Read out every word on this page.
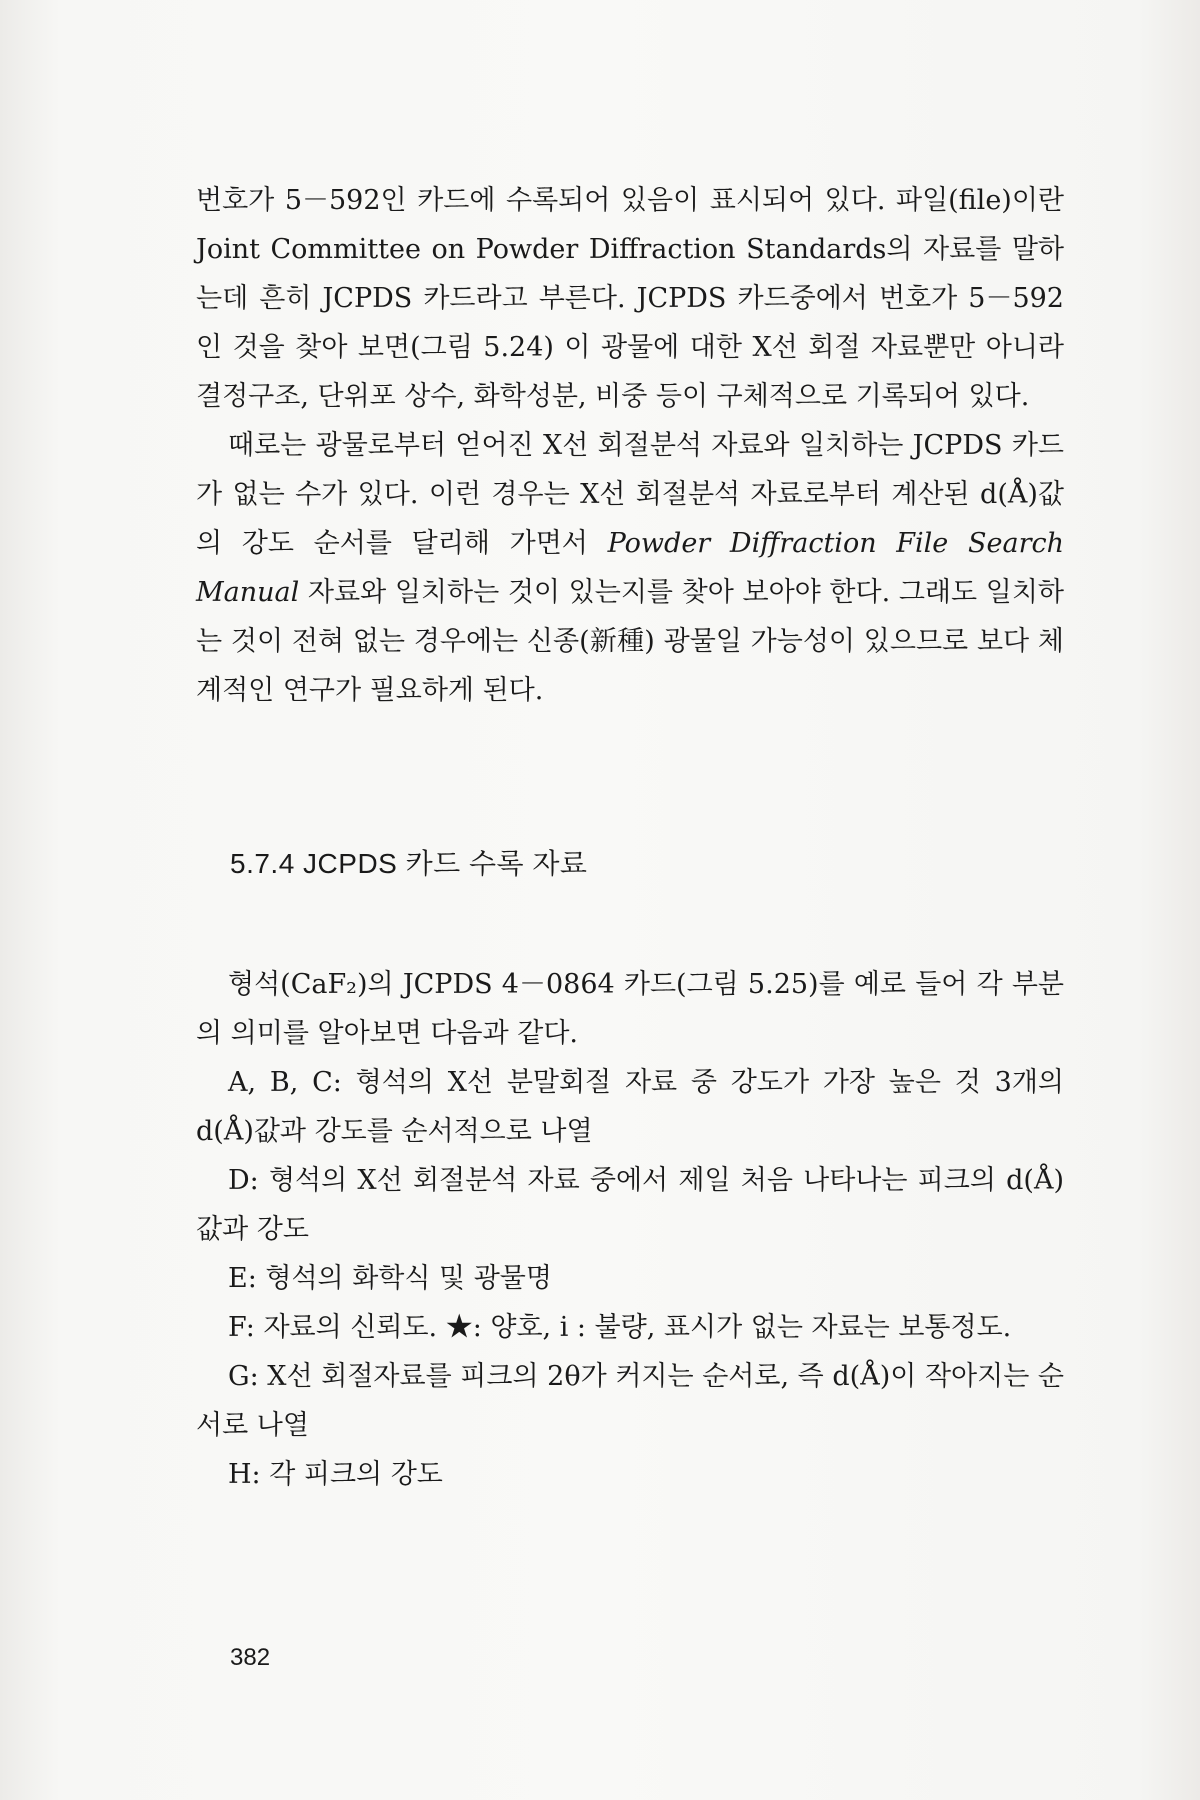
번호가 5－592인 카드에 수록되어 있음이 표시되어 있다. 파일(file)이란 Joint Committee on Powder Diffraction Standards의 자료를 말하는데 흔히 JCPDS 카드라고 부른다. JCPDS 카드중에서 번호가 5－592인 것을 찾아 보면(그림 5.24) 이 광물에 대한 X선 회절 자료뿐만 아니라 결정구조, 단위포 상수, 화학성분, 비중 등이 구체적으로 기록되어 있다.

때로는 광물로부터 얻어진 X선 회절분석 자료와 일치하는 JCPDS 카드가 없는 수가 있다. 이런 경우는 X선 회절분석 자료로부터 계산된 d(Å)값의 강도 순서를 달리해 가면서 Powder Diffraction File Search Manual 자료와 일치하는 것이 있는지를 찾아 보아야 한다. 그래도 일치하는 것이 전혀 없는 경우에는 신종(新種) 광물일 가능성이 있으므로 보다 체계적인 연구가 필요하게 된다.

5.7.4 JCPDS 카드 수록 자료

형석(CaF₂)의 JCPDS 4－0864 카드(그림 5.25)를 예로 들어 각 부분의 의미를 알아보면 다음과 같다.

A, B, C: 형석의 X선 분말회절 자료 중 강도가 가장 높은 것 3개의 d(Å)값과 강도를 순서적으로 나열

D: 형석의 X선 회절분석 자료 중에서 제일 처음 나타나는 피크의 d(Å)값과 강도

E: 형석의 화학식 및 광물명

F: 자료의 신뢰도. ★: 양호, i : 불량, 표시가 없는 자료는 보통정도.

G: X선 회절자료를 피크의 2θ가 커지는 순서로, 즉 d(Å)이 작아지는 순서로 나열

H: 각 피크의 강도

382
